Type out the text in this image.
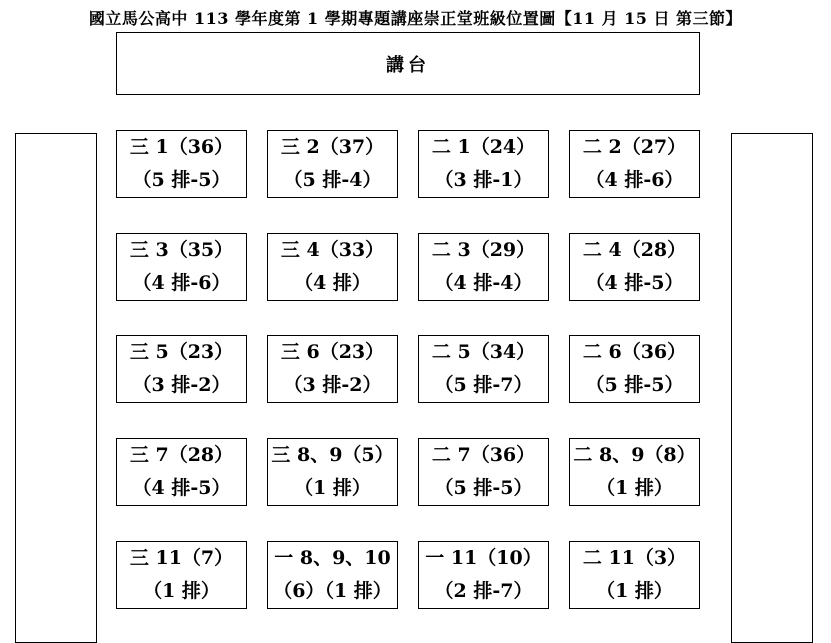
國立馬公高中 113 學年度第 1 學期專題講座崇正堂班級位置圖【11 月 15 日 第三節】
講台
三 1（36）
（5 排-5）
三 2（37）
（5 排-4）
二 1（24）
（3 排-1）
二 2（27）
（4 排-6）
三 3（35）
（4 排-6）
三 4（33）
（4 排）
二 3（29）
（4 排-4）
二 4（28）
（4 排-5）
三 5（23）
（3 排-2）
三 6（23）
（3 排-2）
二 5（34）
（5 排-7）
二 6（36）
（5 排-5）
三 7（28）
（4 排-5）
三 8、9（5）
（1 排）
二 7（36）
（5 排-5）
二 8、9（8）
（1 排）
三 11（7）
（1 排）
一 8、9、10
（6）（1 排）
一 11（10）
（2 排-7）
二 11（3）
（1 排）
